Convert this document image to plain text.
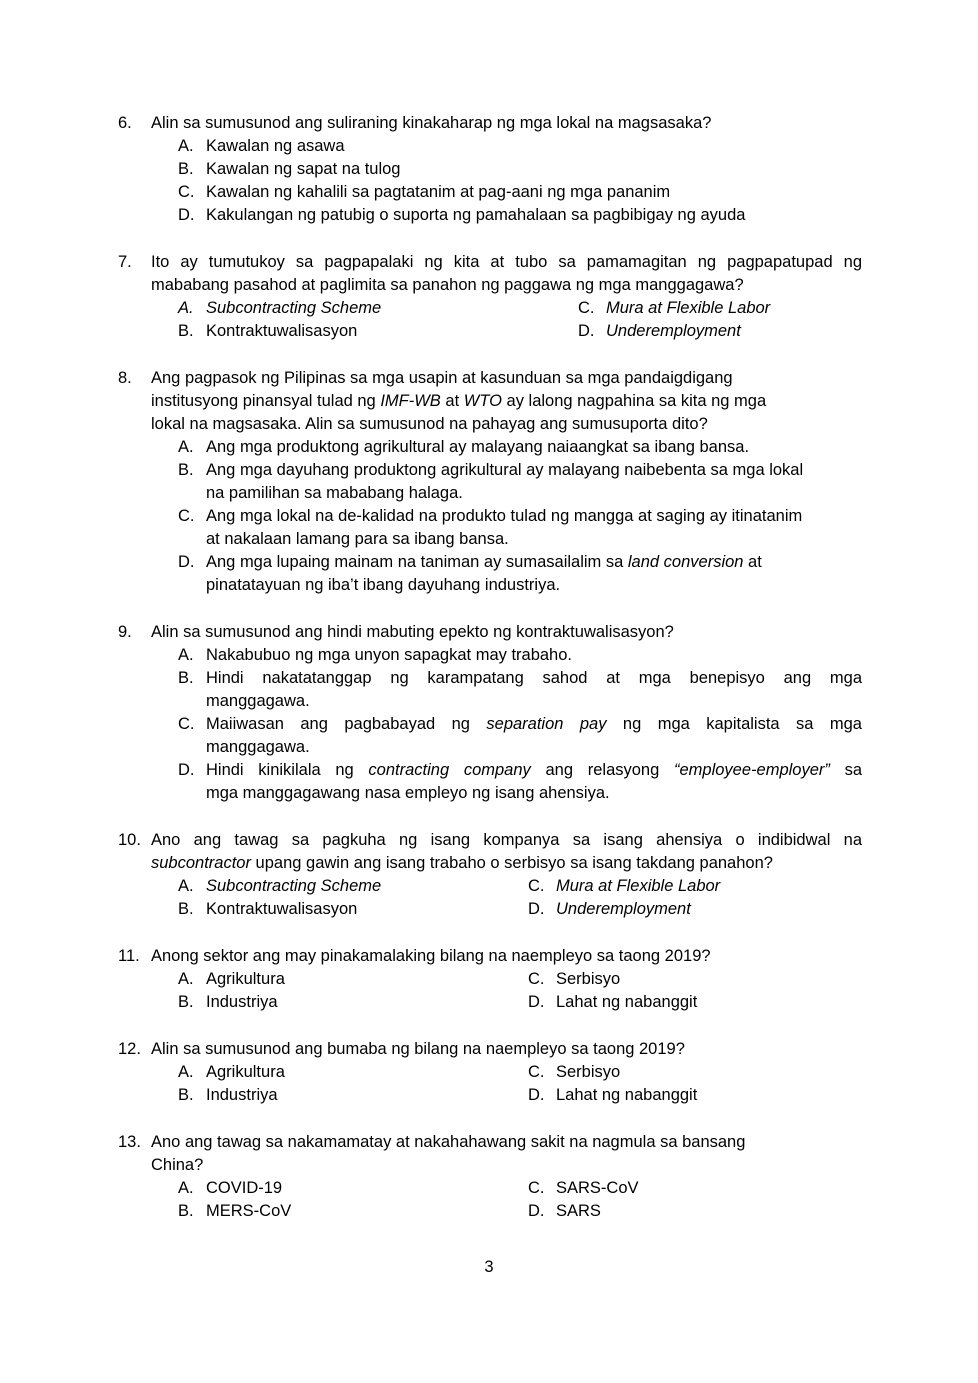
6.	Alin sa sumusunod ang suliraning kinakaharap ng mga lokal na magsasaka?
A. Kawalan ng asawa
B. Kawalan ng sapat na tulog
C. Kawalan ng kahalili sa pagtatanim at pag-aani ng mga pananim
D. Kakulangan ng patubig o suporta ng pamahalaan sa pagbibigay ng ayuda
7.	Ito ay tumutukoy sa pagpapalaki ng kita at tubo sa pamamagitan ng pagpapatupad ng
mababang pasahod at paglimita sa panahon ng paggawa ng mga manggagawa?
A. Subcontracting Scheme	C. Mura at Flexible Labor
B. Kontraktuwalisasyon	D. Underemployment
8.	Ang pagpasok ng Pilipinas sa mga usapin at kasunduan sa mga pandaigdigang
institusyong pinansyal tulad ng IMF-WB at WTO ay lalong nagpahina sa kita ng mga
lokal na magsasaka. Alin sa sumusunod na pahayag ang sumusuporta dito?
A. Ang mga produktong agrikultural ay malayang naiaangkat sa ibang bansa.
B. Ang mga dayuhang produktong agrikultural ay malayang naibebenta sa mga lokal
na pamilihan sa mababang halaga.
C. Ang mga lokal na de-kalidad na produkto tulad ng mangga at saging ay itinatanim
at nakalaan lamang para sa ibang bansa.
D. Ang mga lupaing mainam na taniman ay sumasailalim sa land conversion at
pinatatayuan ng iba’t ibang dayuhang industriya.
9.	Alin sa sumusunod ang hindi mabuting epekto ng kontraktuwalisasyon?
A. Nakabubuo ng mga unyon sapagkat may trabaho.
B. Hindi nakatatanggap ng karampatang sahod at mga benepisyo ang mga
manggagawa.
C. Maiiwasan ang pagbabayad ng separation pay ng mga kapitalista sa mga
manggagawa.
D. Hindi kinikilala ng contracting company ang relasyong “employee-employer” sa
mga manggagawang nasa empleyo ng isang ahensiya.
10. Ano ang tawag sa pagkuha ng isang kompanya sa isang ahensiya o indibidwal na
subcontractor upang gawin ang isang trabaho o serbisyo sa isang takdang panahon?
A. Subcontracting Scheme	C. Mura at Flexible Labor
B. Kontraktuwalisasyon	D. Underemployment
11. Anong sektor ang may pinakamalaking bilang na naempleyo sa taong 2019?
A. Agrikultura	C. Serbisyo
B. Industriya	D. Lahat ng nabanggit
12. Alin sa sumusunod ang bumaba ng bilang na naempleyo sa taong 2019?
A. Agrikultura	C. Serbisyo
B. Industriya	D. Lahat ng nabanggit
13. Ano ang tawag sa nakamamatay at nakahahawang sakit na nagmula sa bansang
China?
A. COVID-19	C. SARS-CoV
B. MERS-CoV	D. SARS
3
